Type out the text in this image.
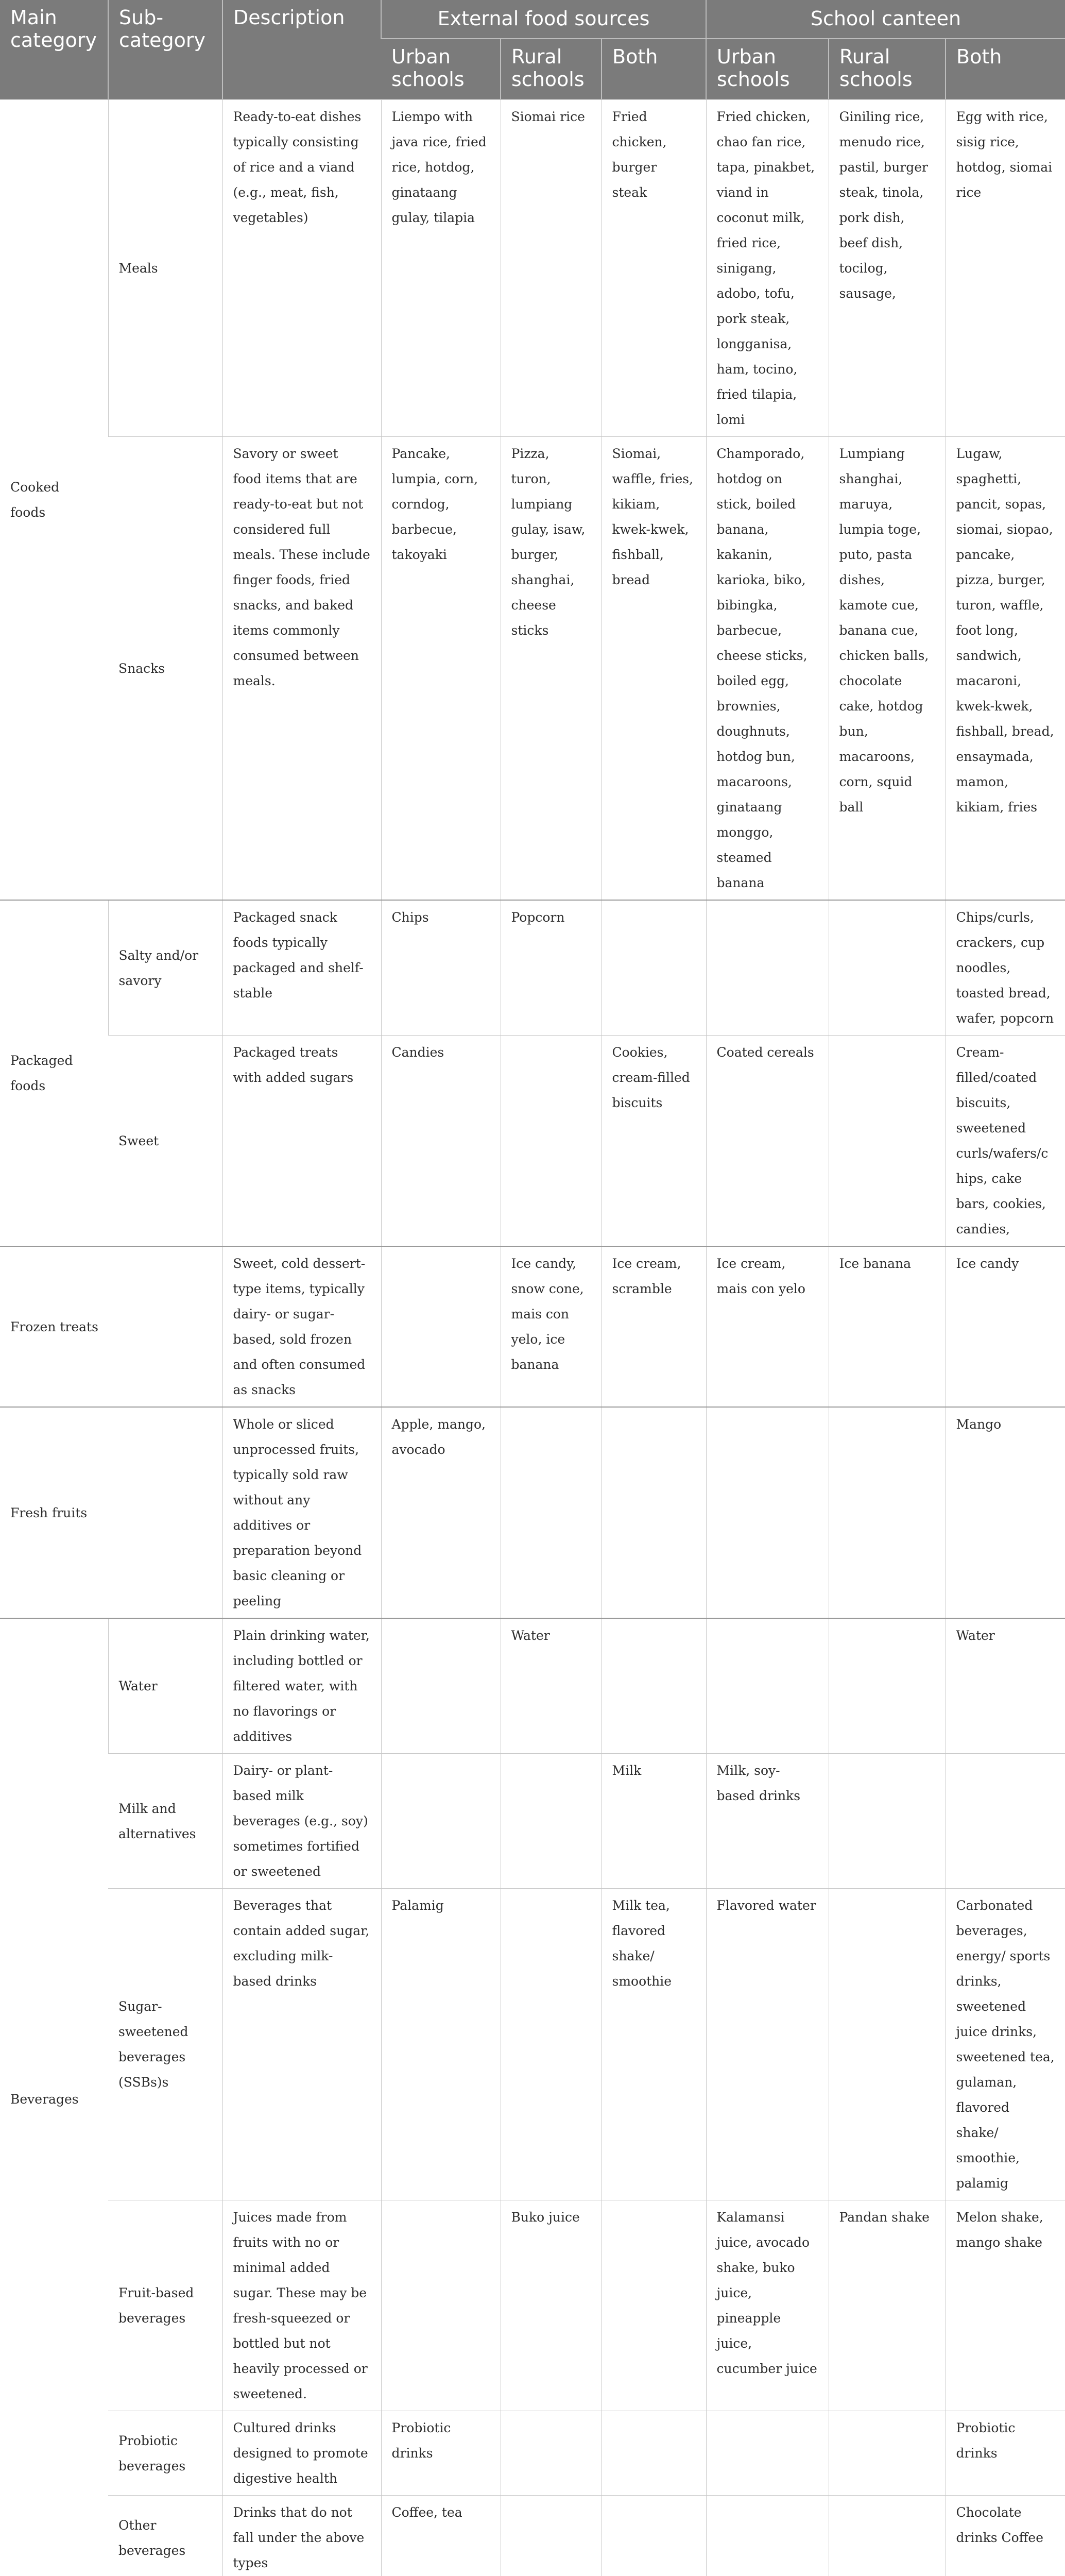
Main category	Sub-category	Description	External food sources			School canteen		
			Urban schools	Rural schools	Both	Urban schools	Rural schools	Both
Cooked foods	Meals	Ready-to-eat dishes typically consisting of rice and a viand (e.g., meat, fish, vegetables)	Liempo with java rice, fried rice, hotdog, ginataang gulay, tilapia	Siomai rice	Fried chicken, burger steak	Fried chicken, chao fan rice, tapa, pinakbet, viand in coconut milk, fried rice, sinigang, adobo, tofu, pork steak, longganisa, ham, tocino, fried tilapia, lomi	Giniling rice, menudo rice, pastil, burger steak, tinola, pork dish, beef dish, tocilog, sausage,	Egg with rice, sisig rice, hotdog, siomai rice
	Snacks	Savory or sweet food items that are ready-to-eat but not considered full meals. These include finger foods, fried snacks, and baked items commonly consumed between meals.	Pancake, lumpia, corn, corndog, barbecue, takoyaki	Pizza, turon, lumpiang gulay, isaw, burger, shanghai, cheese sticks	Siomai, waffle, fries, kikiam, kwek-kwek, fishball, bread	Champorado, hotdog on stick, boiled banana, kakanin, karioka, biko, bibingka, barbecue, cheese sticks, boiled egg, brownies, doughnuts, hotdog bun, macaroons, ginataang monggo, steamed banana	Lumpiang shanghai, maruya, lumpia toge, puto, pasta dishes, kamote cue, banana cue, chicken balls, chocolate cake, hotdog bun, macaroons, corn, squid ball	Lugaw, spaghetti, pancit, sopas, siomai, siopao, pancake, pizza, burger, turon, waffle, foot long, sandwich, macaroni, kwek-kwek, fishball, bread, ensaymada, mamon, kikiam, fries
Packaged foods	Salty and/or savory	Packaged snack foods typically packaged and shelf-stable	Chips	Popcorn				Chips/curls, crackers, cup noodles, toasted bread, wafer, popcorn
	Sweet	Packaged treats with added sugars	Candies		Cookies, cream-filled biscuits	Coated cereals		Cream-filled/coated biscuits, sweetened curls/wafers/chips, cake bars, cookies, candies,
Frozen treats		Sweet, cold dessert-type items, typically dairy- or sugar-based, sold frozen and often consumed as snacks		Ice candy, snow cone, mais con yelo, ice banana	Ice cream, scramble	Ice cream, mais con yelo	Ice banana	Ice candy
Fresh fruits		Whole or sliced unprocessed fruits, typically sold raw without any additives or preparation beyond basic cleaning or peeling	Apple, mango, avocado					Mango
Beverages	Water	Plain drinking water, including bottled or filtered water, with no flavorings or additives		Water				Water
	Milk and alternatives	Dairy- or plant-based milk beverages (e.g., soy) sometimes fortified or sweetened			Milk	Milk, soy-based drinks		
	Sugar-sweetened beverages (SSBs)s	Beverages that contain added sugar, excluding milk-based drinks	Palamig		Milk tea, flavored shake/ smoothie	Flavored water		Carbonated beverages, energy/ sports drinks, sweetened juice drinks, sweetened tea, gulaman, flavored shake/ smoothie, palamig
	Fruit-based beverages	Juices made from fruits with no or minimal added sugar. These may be fresh-squeezed or bottled but not heavily processed or sweetened.		Buko juice		Kalamansi juice, avocado shake, buko juice, pineapple juice, cucumber juice	Pandan shake	Melon shake, mango shake
	Probiotic beverages	Cultured drinks designed to promote digestive health	Probiotic drinks					Probiotic drinks
	Other beverages	Drinks that do not fall under the above types	Coffee, tea					Chocolate drinks Coffee
